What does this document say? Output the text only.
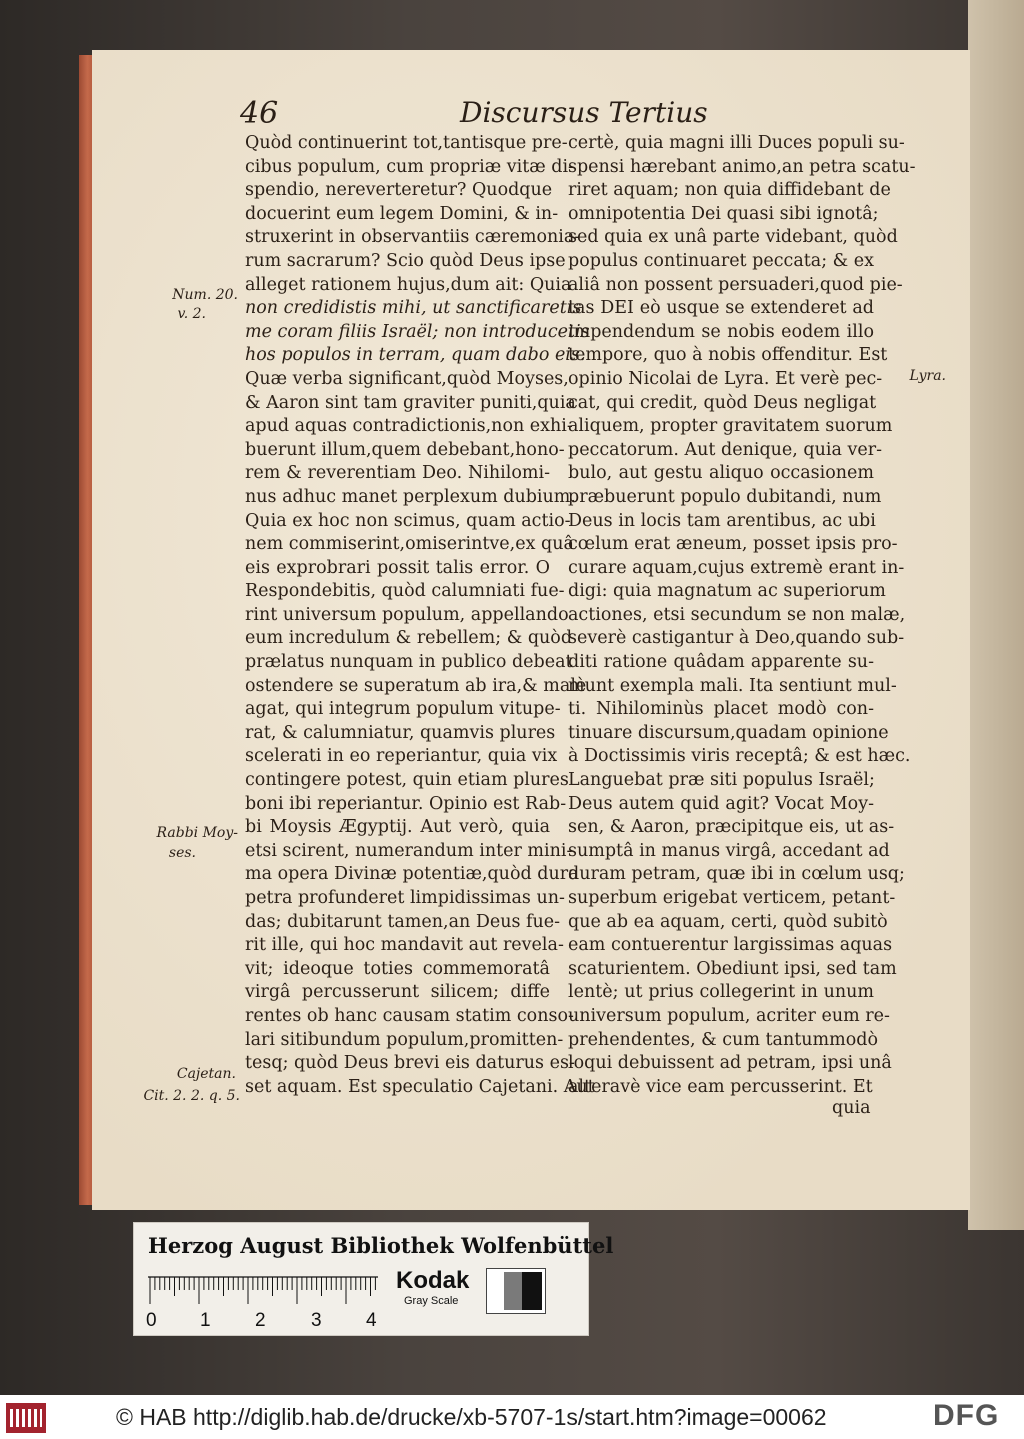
46	Discursus Tertius
Quòd continuerint tot,tantisque pre-
cibus populum, cum propriæ vitæ di-
spendio, nereverteretur? Quodque
docuerint eum legem Domini, & in-
struxerint in observantiis cæremonia-
rum sacrarum? Scio quòd Deus ipse
alleget rationem hujus,dum ait: Quia
non credidistis mihi, ut sanctificaretis
me coram filiis Israël; non introducetis
hos populos in terram, quam dabo eis.
Quæ verba significant,quòd Moyses,
& Aaron sint tam graviter puniti,quia
apud aquas contradictionis,non exhi-
buerunt illum,quem debebant,hono-
rem & reverentiam Deo. Nihilomi-
nus adhuc manet perplexum dubium.
Quia ex hoc non scimus, quam actio-
nem commiserint,omiserintve,ex quâ
eis exprobrari possit talis error. O
Respondebitis, quòd calumniati fue-
rint universum populum, appellando
eum incredulum & rebellem; & quòd
prælatus nunquam in publico debeat
ostendere se superatum ab ira,& malè
agat, qui integrum populum vitupe-
rat, & calumniatur, quamvis plures
scelerati in eo reperiantur, quia vix
contingere potest, quin etiam plures
boni ibi reperiantur. Opinio est Rab-
bi Moysis Ægyptij. Aut verò, quia
etsi scirent, numerandum inter mini-
ma opera Divinæ potentiæ,quòd dura
petra profunderet limpidissimas un-
das; dubitarunt tamen,an Deus fue-
rit ille, qui hoc mandavit aut revela-
vit; ideoque toties commemoratâ
virgâ percusserunt silicem; diffe
rentes ob hanc causam statim conso-
lari sitibundum populum,promitten-
tesq; quòd Deus brevi eis daturus es-
set aquam. Est speculatio Cajetani. Aut
certè, quia magni illi Duces populi su-
spensi hærebant animo,an petra scatu-
riret aquam; non quia diffidebant de
omnipotentia Dei quasi sibi ignotâ;
sed quia ex unâ parte videbant, quòd
populus continuaret peccata; & ex
aliâ non possent persuaderi,quod pie-
tas DEI eò usque se extenderet ad
impendendum se nobis eodem illo
tempore, quo à nobis offenditur. Est
opinio Nicolai de Lyra. Et verè pec-
cat, qui credit, quòd Deus negligat
aliquem, propter gravitatem suorum
peccatorum. Aut denique, quia ver-
bulo, aut gestu aliquo occasionem
præbuerunt populo dubitandi, num
Deus in locis tam arentibus, ac ubi
cœlum erat æneum, posset ipsis pro-
curare aquam,cujus extremè erant in-
digi: quia magnatum ac superiorum
actiones, etsi secundum se non malæ,
severè castigantur à Deo,quando sub-
diti ratione quâdam apparente su-
munt exempla mali. Ita sentiunt mul-
ti. Nihilominùs placet modò con-
tinuare discursum,quadam opinione
à Doctissimis viris receptâ; & est hæc.
Languebat præ siti populus Israël;
Deus autem quid agit? Vocat Moy-
sen, & Aaron, præcipitque eis, ut as-
sumptâ in manus virgâ, accedant ad
duram petram, quæ ibi in cœlum usq;
superbum erigebat verticem, petant-
que ab ea aquam, certi, quòd subitò
eam contuerentur largissimas aquas
scaturientem. Obediunt ipsi, sed tam
lentè; ut prius collegerint in unum
universum populum, acriter eum re-
prehendentes, & cum tantummodò
loqui debuissent ad petram, ipsi unâ
alteravè vice eam percusserint. Et
Num. 20.
v. 2.
Lyra.
Rabbi Moy-
ses.
Cajetan.
Cit. 2. 2. q. 5.
quia
Herzog August Bibliothek Wolfenbüttel
0 1 2 3 4
Kodak
Gray Scale
© HAB http://diglib.hab.de/drucke/xb-5707-1s/start.htm?image=00062	DFG
